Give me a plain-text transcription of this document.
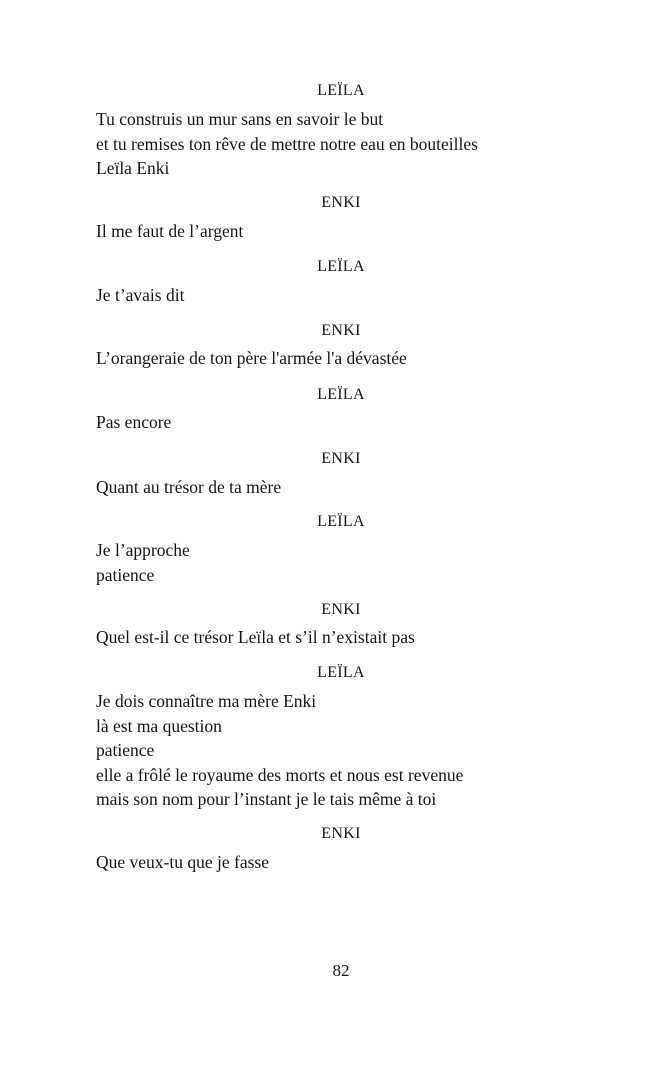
LEÏLA
Tu construis un mur sans en savoir le but
et tu remises ton rêve de mettre notre eau en bouteilles
Leïla Enki
ENKI
Il me faut de l’argent
LEÏLA
Je t’avais dit
ENKI
L’orangeraie de ton père l'armée l'a dévastée
LEÏLA
Pas encore
ENKI
Quant au trésor de ta mère
LEÏLA
Je l’approche
patience
ENKI
Quel est-il ce trésor Leïla et s’il n’existait pas
LEÏLA
Je dois connaître ma mère Enki
là est ma question
patience
elle a frôlé le royaume des morts et nous est revenue
mais son nom pour l’instant je le tais même à toi
ENKI
Que veux-tu que je fasse
82
